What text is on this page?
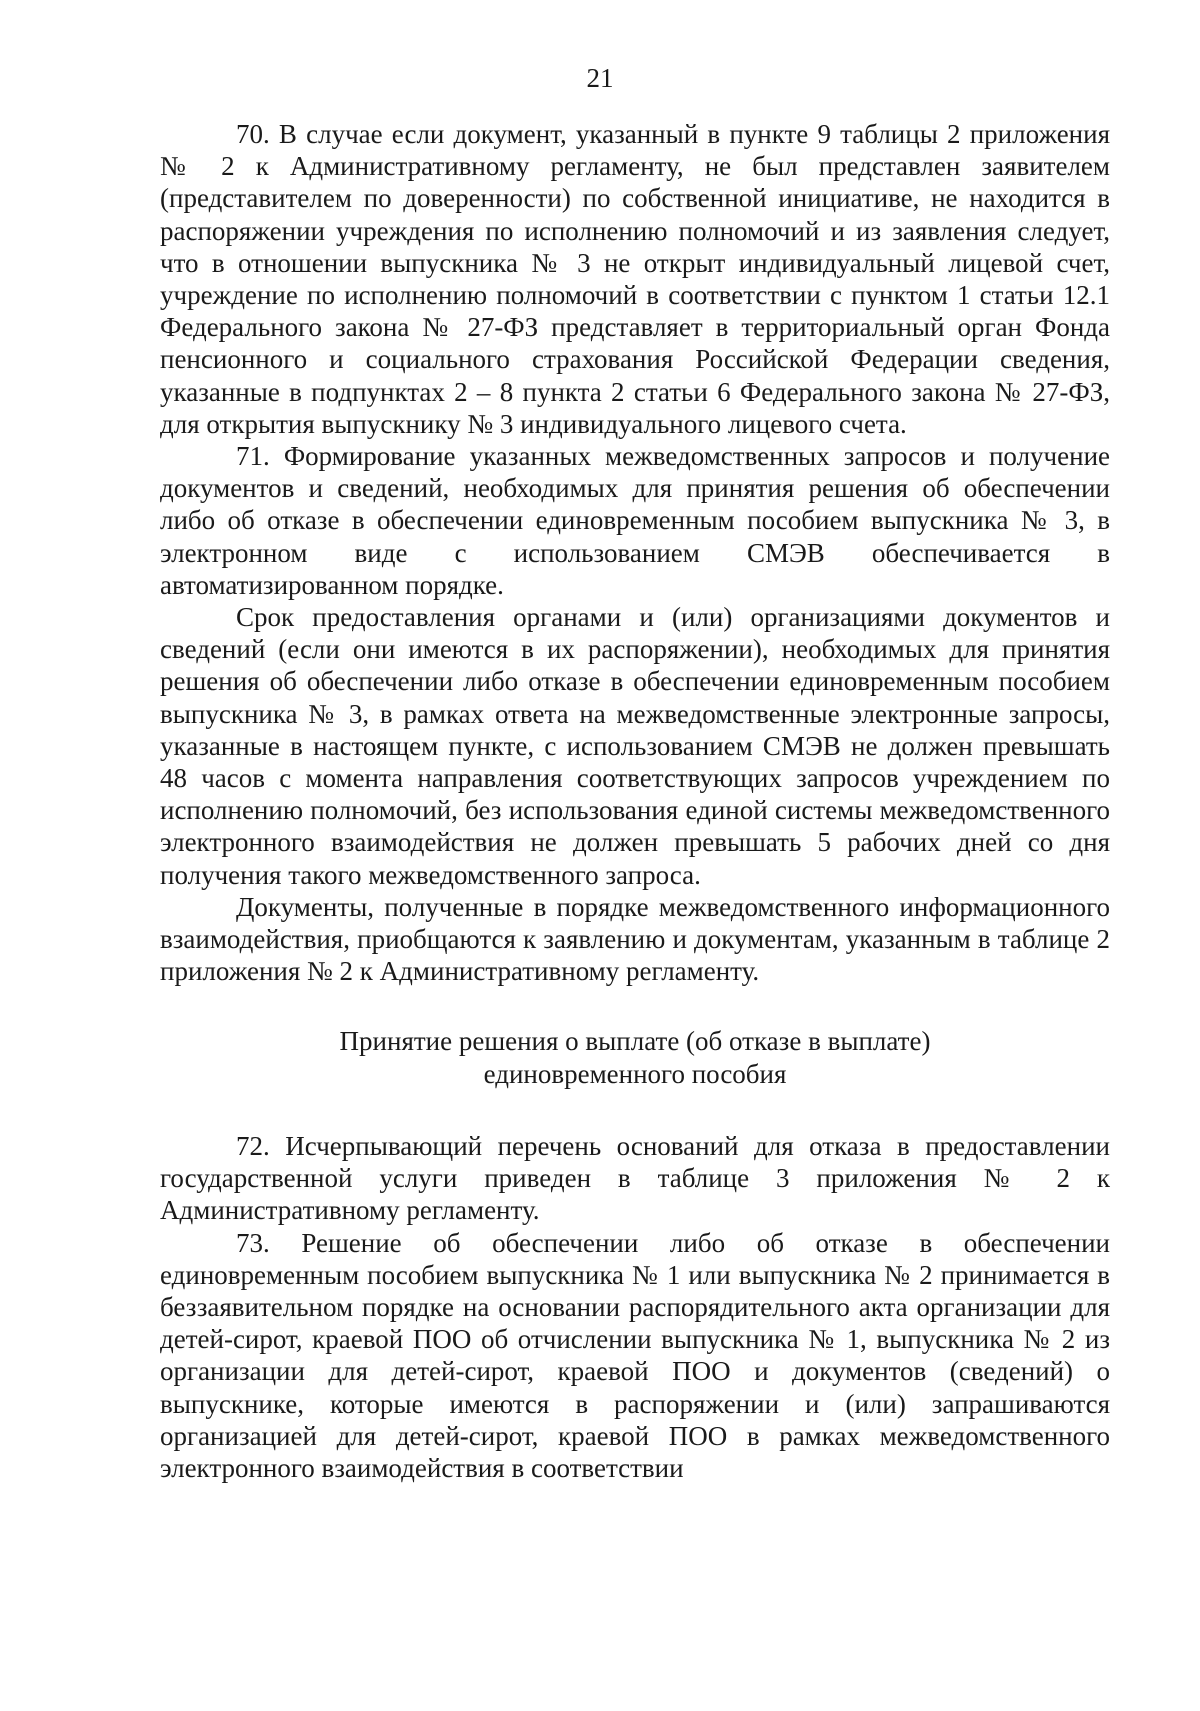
21

70. В случае если документ, указанный в пункте 9 таблицы 2 приложения № 2 к Административному регламенту, не был представлен заявителем (представителем по доверенности) по собственной инициативе, не находится в распоряжении учреждения по исполнению полномочий и из заявления следует, что в отношении выпускника № 3 не открыт индивидуальный лицевой счет, учреждение по исполнению полномочий в соответствии с пунктом 1 статьи 12.1 Федерального закона № 27-ФЗ представляет в территориальный орган Фонда пенсионного и социального страхования Российской Федерации сведения, указанные в подпунктах 2 – 8 пункта 2 статьи 6 Федерального закона № 27-ФЗ, для открытия выпускнику № 3 индивидуального лицевого счета.

71. Формирование указанных межведомственных запросов и получение документов и сведений, необходимых для принятия решения об обеспечении либо об отказе в обеспечении единовременным пособием выпускника № 3, в электронном виде с использованием СМЭВ обеспечивается в автоматизированном порядке.

Срок предоставления органами и (или) организациями документов и сведений (если они имеются в их распоряжении), необходимых для принятия решения об обеспечении либо отказе в обеспечении единовременным пособием выпускника № 3, в рамках ответа на межведомственные электронные запросы, указанные в настоящем пункте, с использованием СМЭВ не должен превышать 48 часов с момента направления соответствующих запросов учреждением по исполнению полномочий, без использования единой системы межведомственного электронного взаимодействия не должен превышать 5 рабочих дней со дня получения такого межведомственного запроса.

Документы, полученные в порядке межведомственного информационного взаимодействия, приобщаются к заявлению и документам, указанным в таблице 2 приложения № 2 к Административному регламенту.

Принятие решения о выплате (об отказе в выплате) единовременного пособия

72. Исчерпывающий перечень оснований для отказа в предоставлении государственной услуги приведен в таблице 3 приложения № 2 к Административному регламенту.

73. Решение об обеспечении либо об отказе в обеспечении единовременным пособием выпускника № 1 или выпускника № 2 принимается в беззаявительном порядке на основании распорядительного акта организации для детей-сирот, краевой ПОО об отчислении выпускника № 1, выпускника № 2 из организации для детей-сирот, краевой ПОО и документов (сведений) о выпускнике, которые имеются в распоряжении и (или) запрашиваются организацией для детей-сирот, краевой ПОО в рамках межведомственного электронного взаимодействия в соответствии
